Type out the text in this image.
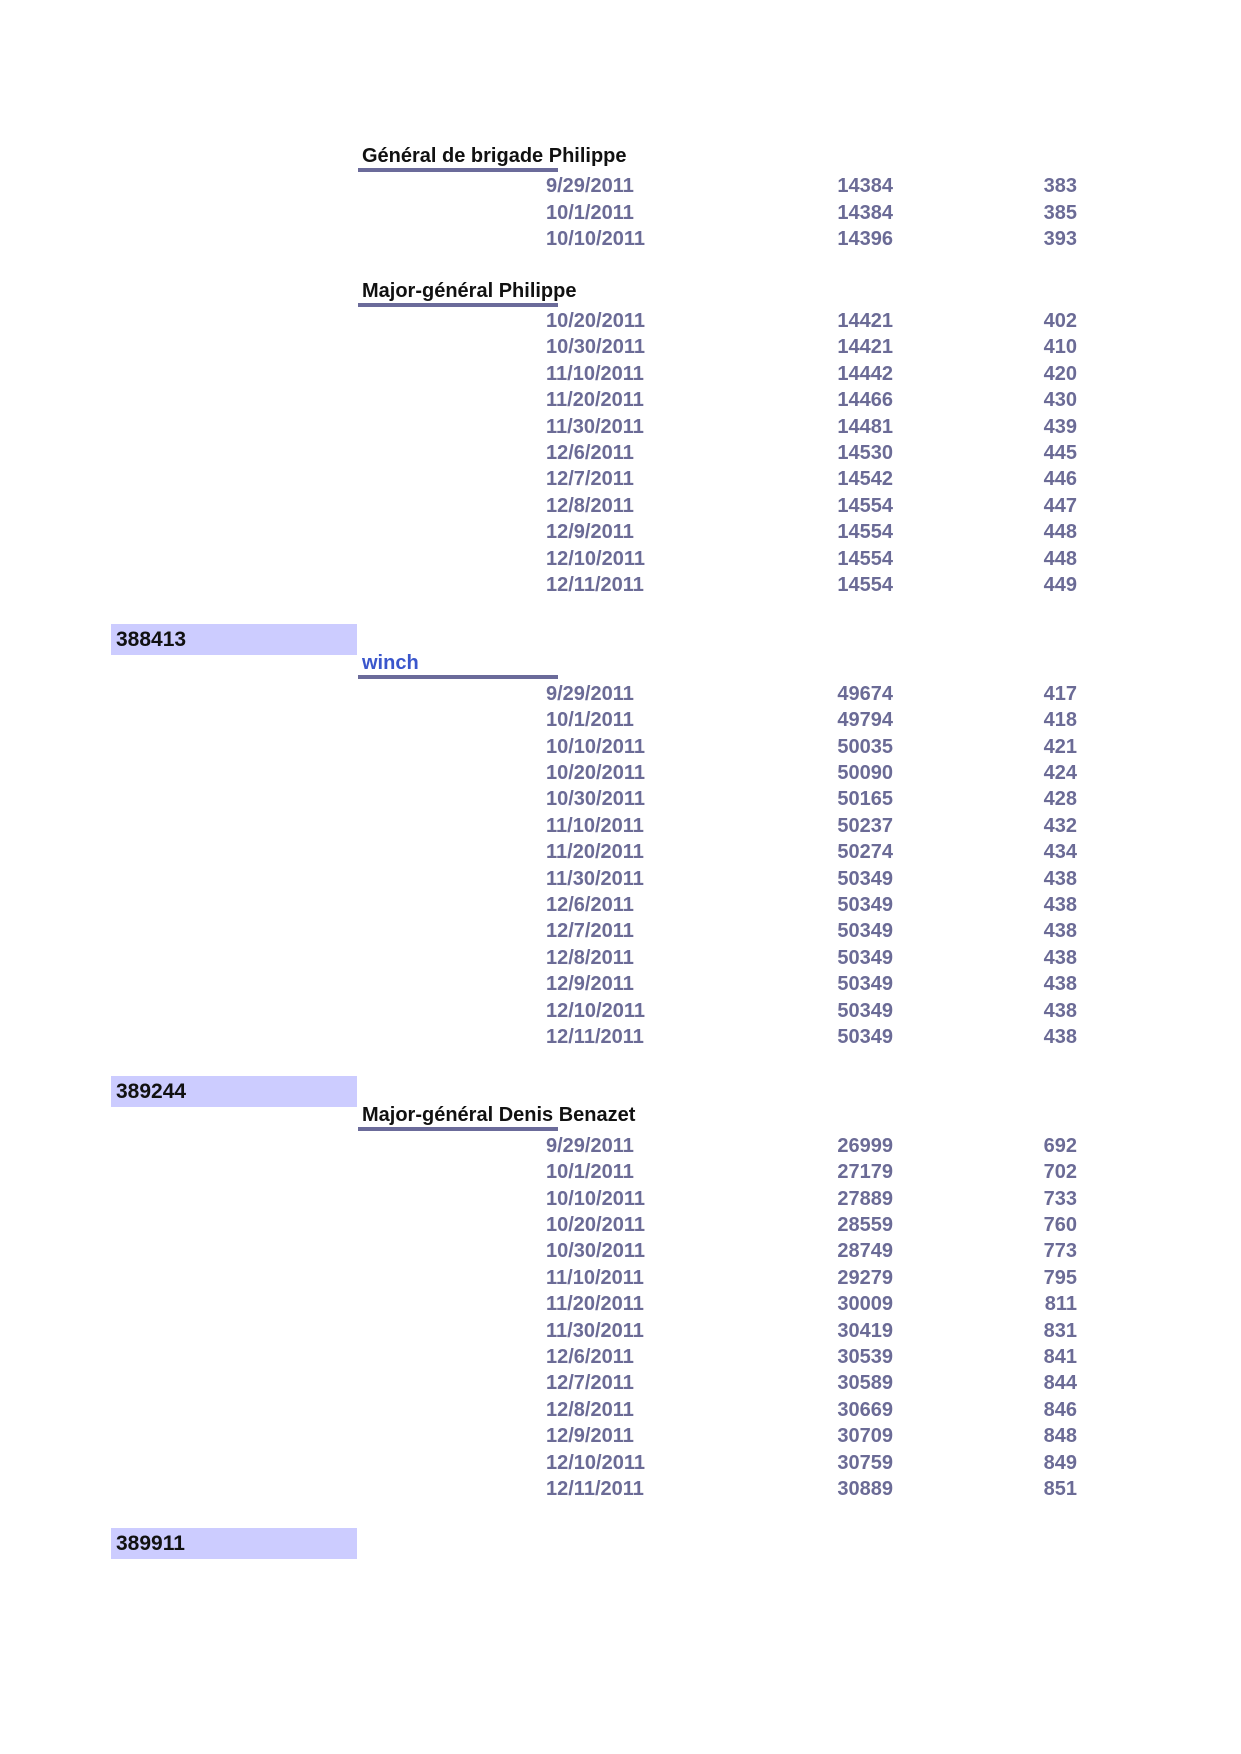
Général de brigade Philippe
9/29/2011	14384	383
10/1/2011	14384	385
10/10/2011	14396	393
Major-général Philippe
10/20/2011	14421	402
10/30/2011	14421	410
11/10/2011	14442	420
11/20/2011	14466	430
11/30/2011	14481	439
12/6/2011	14530	445
12/7/2011	14542	446
12/8/2011	14554	447
12/9/2011	14554	448
12/10/2011	14554	448
12/11/2011	14554	449
388413
winch
9/29/2011	49674	417
10/1/2011	49794	418
10/10/2011	50035	421
10/20/2011	50090	424
10/30/2011	50165	428
11/10/2011	50237	432
11/20/2011	50274	434
11/30/2011	50349	438
12/6/2011	50349	438
12/7/2011	50349	438
12/8/2011	50349	438
12/9/2011	50349	438
12/10/2011	50349	438
12/11/2011	50349	438
389244
Major-général Denis Benazet
9/29/2011	26999	692
10/1/2011	27179	702
10/10/2011	27889	733
10/20/2011	28559	760
10/30/2011	28749	773
11/10/2011	29279	795
11/20/2011	30009	811
11/30/2011	30419	831
12/6/2011	30539	841
12/7/2011	30589	844
12/8/2011	30669	846
12/9/2011	30709	848
12/10/2011	30759	849
12/11/2011	30889	851
389911
